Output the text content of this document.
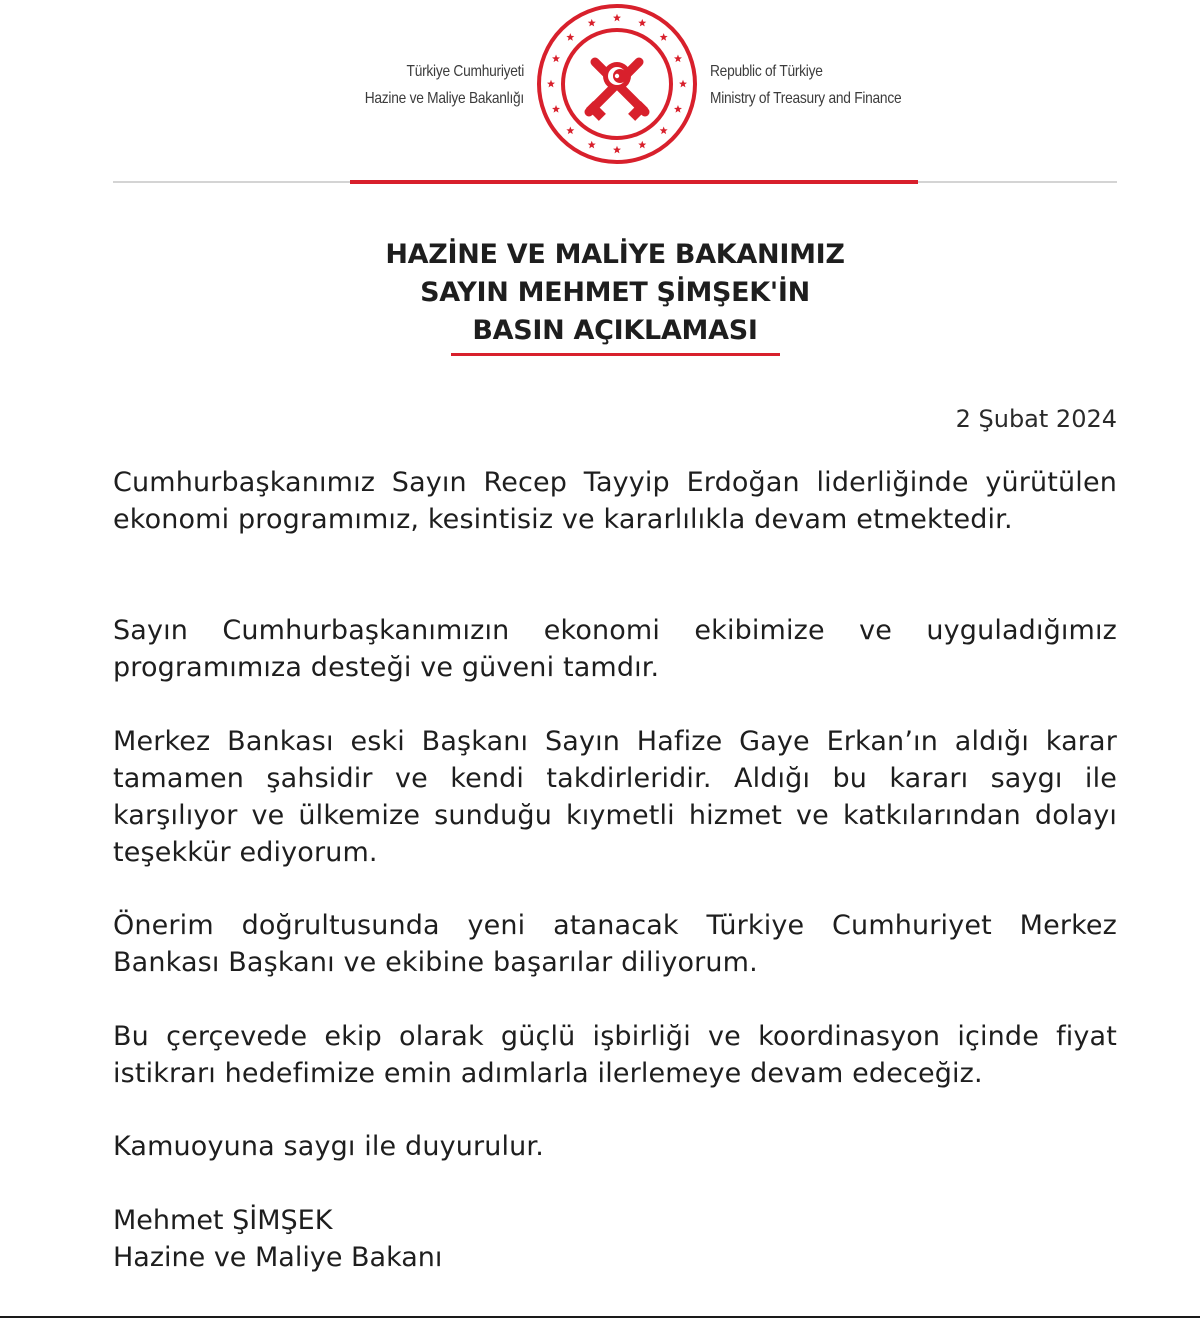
Türkiye Cumhuriyeti
Hazine ve Maliye Bakanlığı
Republic of Türkiye
Ministry of Treasury and Finance
HAZİNE VE MALİYE BAKANIMIZ
SAYIN MEHMET ŞİMŞEK'İN
BASIN AÇIKLAMASI
2 Şubat 2024

Cumhurbaşkanımız Sayın Recep Tayyip Erdoğan liderliğinde yürütülen ekonomi programımız, kesintisiz ve kararlılıkla devam etmektedir.

Sayın Cumhurbaşkanımızın ekonomi ekibimize ve uyguladığımız programımıza desteği ve güveni tamdır.

Merkez Bankası eski Başkanı Sayın Hafize Gaye Erkan’ın aldığı karar tamamen şahsidir ve kendi takdirleridir. Aldığı bu kararı saygı ile karşılıyor ve ülkemize sunduğu kıymetli hizmet ve katkılarından dolayı teşekkür ediyorum.

Önerim doğrultusunda yeni atanacak Türkiye Cumhuriyet Merkez Bankası Başkanı ve ekibine başarılar diliyorum.

Bu çerçevede ekip olarak güçlü işbirliği ve koordinasyon içinde fiyat istikrarı hedefimize emin adımlarla ilerlemeye devam edeceğiz.

Kamuoyuna saygı ile duyurulur.

Mehmet ŞİMŞEK
Hazine ve Maliye Bakanı
